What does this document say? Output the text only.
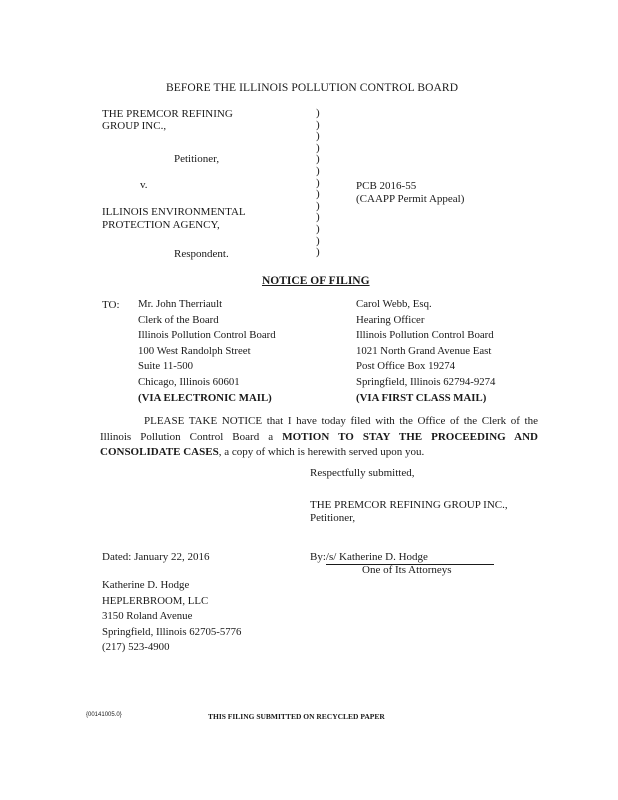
BEFORE THE ILLINOIS POLLUTION CONTROL BOARD
THE PREMCOR REFINING
GROUP INC.,
Petitioner,
v.
ILLINOIS ENVIRONMENTAL
PROTECTION AGENCY,
Respondent.
)
)
)
)
)
)
)
)
)
)
)
)
)
PCB 2016-55
(CAAPP Permit Appeal)
NOTICE OF FILING
TO: Mr. John Therriault
Clerk of the Board
Illinois Pollution Control Board
100 West Randolph Street
Suite 11-500
Chicago, Illinois 60601
(VIA ELECTRONIC MAIL)
Carol Webb, Esq.
Hearing Officer
Illinois Pollution Control Board
1021 North Grand Avenue East
Post Office Box 19274
Springfield, Illinois 62794-9274
(VIA FIRST CLASS MAIL)
PLEASE TAKE NOTICE that I have today filed with the Office of the Clerk of the Illinois Pollution Control Board a MOTION TO STAY THE PROCEEDING AND CONSOLIDATE CASES, a copy of which is herewith served upon you.
Respectfully submitted,
THE PREMCOR REFINING GROUP INC.,
Petitioner,
Dated: January 22, 2016	By:/s/ Katherine D. Hodge
One of Its Attorneys
Katherine D. Hodge
HEPLERBROOM, LLC
3150 Roland Avenue
Springfield, Illinois 62705-5776
(217) 523-4900
{00141005.0}	THIS FILING SUBMITTED ON RECYCLED PAPER
